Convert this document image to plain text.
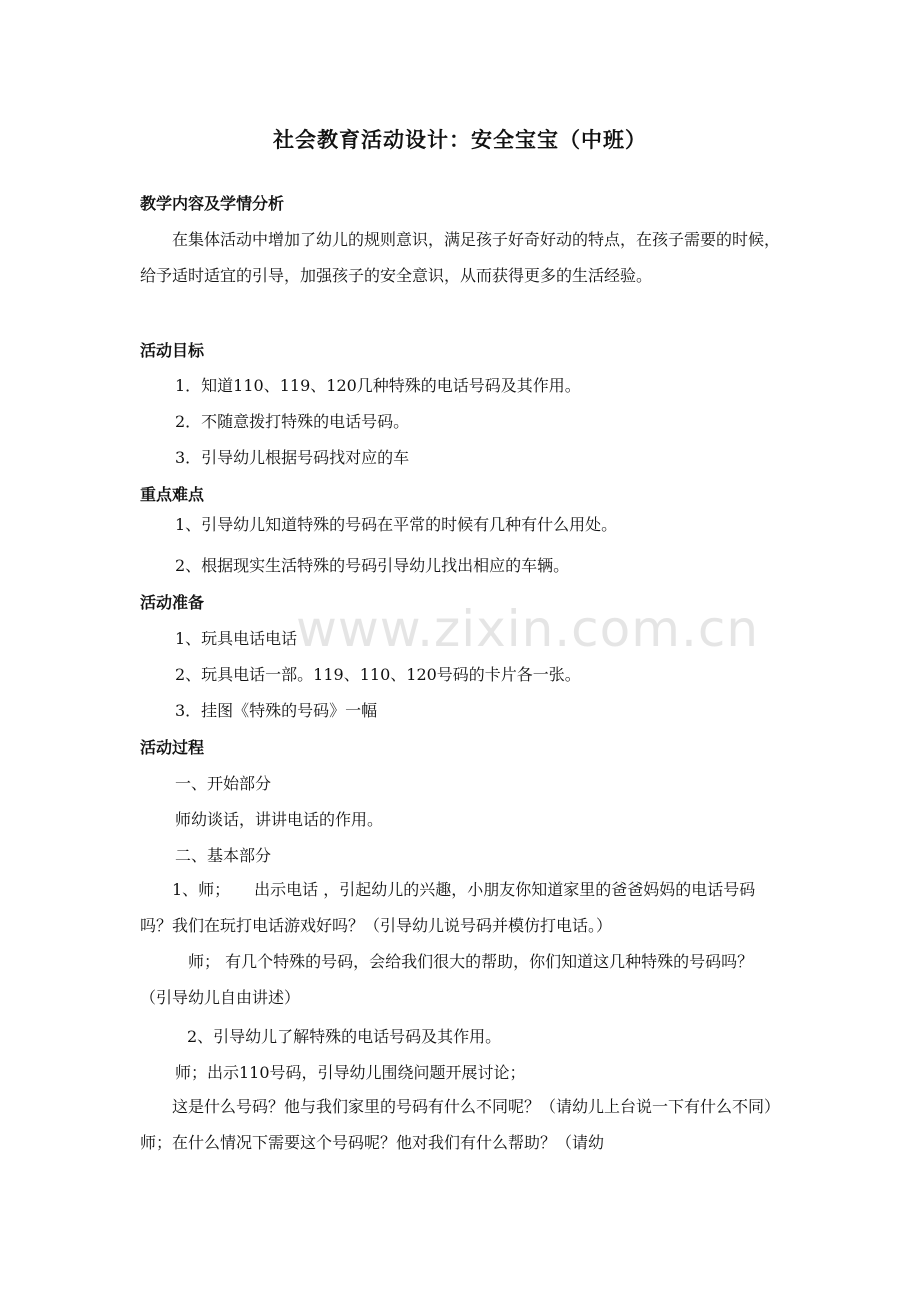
社会教育活动设计：安全宝宝（中班）
教学内容及学情分析
在集体活动中增加了幼儿的规则意识，满足孩子好奇好动的特点，在孩子需要的时候，给予适时适宜的引导，加强孩子的安全意识，从而获得更多的生活经验。
活动目标
1．知道110、119、120几种特殊的电话号码及其作用。
2．不随意拨打特殊的电话号码。
3．引导幼儿根据号码找对应的车
重点难点
1、引导幼儿知道特殊的号码在平常的时候有几种有什么用处。
2、根据现实生活特殊的号码引导幼儿找出相应的车辆。
活动准备
1、玩具电话电话
2、玩具电话一部。119、110、120号码的卡片各一张。
3．挂图《特殊的号码》一幅
活动过程
一、开始部分
师幼谈话，讲讲电话的作用。
二、基本部分
1、师；　　出示电话 ，引起幼儿的兴趣，小朋友你知道家里的爸爸妈妈的电话号码吗？我们在玩打电话游戏好吗？（引导幼儿说号码并模仿打电话。）
师； 有几个特殊的号码，会给我们很大的帮助，你们知道这几种特殊的号码吗？（引导幼儿自由讲述）
2、引导幼儿了解特殊的电话号码及其作用。
师；出示110号码，引导幼儿围绕问题开展讨论；
这是什么号码？他与我们家里的号码有什么不同呢？（请幼儿上台说一下有什么不同）师；在什么情况下需要这个号码呢？他对我们有什么帮助？（请幼
www.zixin.com.cn
